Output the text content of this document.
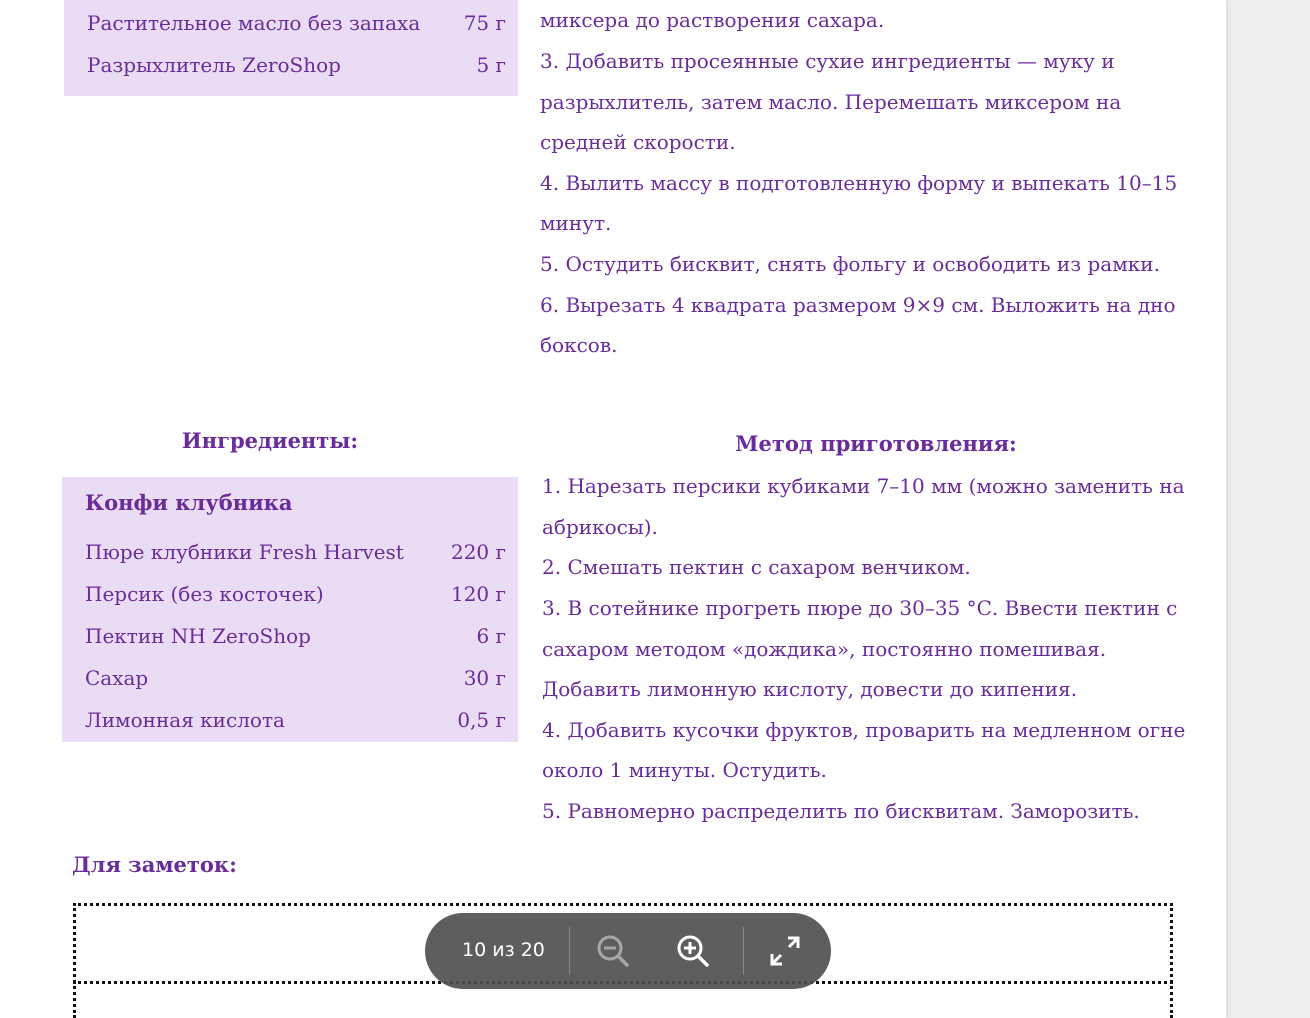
Растительное масло без запаха 75 г
Разрыхлитель ZeroShop	5 г
миксера до растворения сахара.
3. Добавить просеянные сухие ингредиенты — муку и
разрыхлитель, затем масло. Перемешать миксером на
средней скорости.
4. Вылить массу в подготовленную форму и выпекать 10–15
минут.
5. Остудить бисквит, снять фольгу и освободить из рамки.
6. Вырезать 4 квадрата размером 9×9 см. Выложить на дно
боксов.
Ингредиенты:	Метод приготовления:
Конфи клубника
Пюре клубники Fresh Harvest 220 г
Персик (без косточек)	120 г
Пектин NH ZeroShop	6 г
Сахар	30 г
Лимонная кислота	0,5 г
1. Нарезать персики кубиками 7–10 мм (можно заменить на
абрикосы).
2. Смешать пектин с сахаром венчиком.
3. В сотейнике прогреть пюре до 30–35 °С. Ввести пектин с
сахаром методом «дождика», постоянно помешивая.
Добавить лимонную кислоту, довести до кипения.
4. Добавить кусочки фруктов, проварить на медленном огне
около 1 минуты. Остудить.
5. Равномерно распределить по бисквитам. Заморозить.
Для заметок:
10 из 20
